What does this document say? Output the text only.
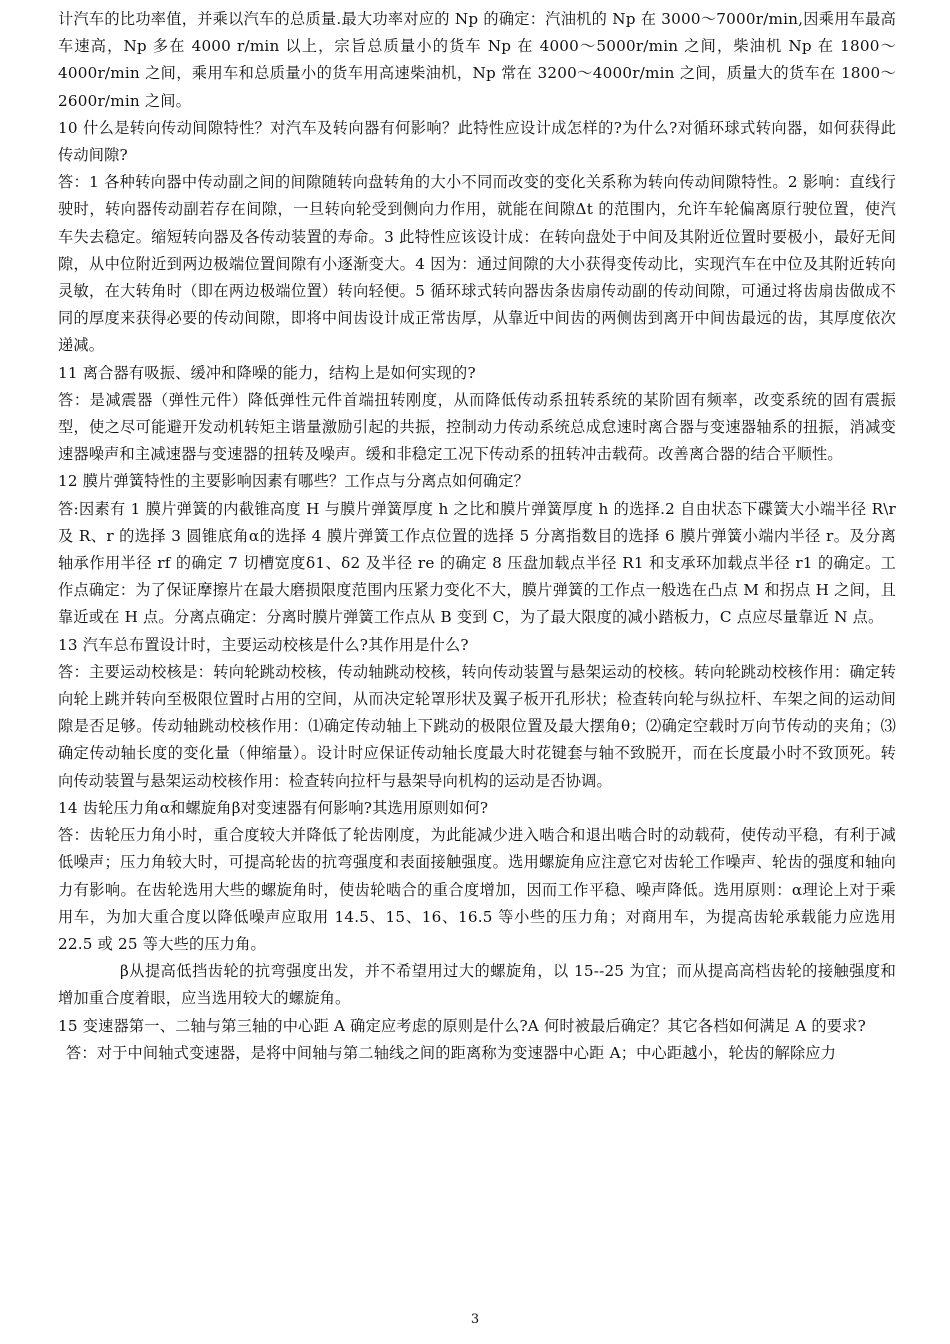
计汽车的比功率值，并乘以汽车的总质量.最大功率对应的 Np 的确定：汽油机的 Np 在 3000～7000r/min,因乘用车最高车速高，Np 多在 4000 r/min 以上，宗旨总质量小的货车 Np 在 4000～5000r/min 之间，柴油机 Np 在 1800～4000r/min 之间，乘用车和总质量小的货车用高速柴油机，Np 常在 3200～4000r/min 之间，质量大的货车在 1800～2600r/min 之间。

10 什么是转向传动间隙特性？对汽车及转向器有何影响？此特性应设计成怎样的?为什么?对循环球式转向器，如何获得此传动间隙?

答：1 各种转向器中传动副之间的间隙随转向盘转角的大小不同而改变的变化关系称为转向传动间隙特性。2 影响：直线行驶时，转向器传动副若存在间隙，一旦转向轮受到侧向力作用，就能在间隙Δt 的范围内，允许车轮偏离原行驶位置，使汽车失去稳定。缩短转向器及各传动装置的寿命。3 此特性应该设计成：在转向盘处于中间及其附近位置时要极小，最好无间隙，从中位附近到两边极端位置间隙有小逐渐变大。4 因为：通过间隙的大小获得变传动比，实现汽车在中位及其附近转向灵敏，在大转角时（即在两边极端位置）转向轻便。5 循环球式转向器齿条齿扇传动副的传动间隙，可通过将齿扇齿做成不同的厚度来获得必要的传动间隙，即将中间齿设计成正常齿厚，从靠近中间齿的两侧齿到离开中间齿最远的齿，其厚度依次递减。

11 离合器有吸振、缓冲和降噪的能力，结构上是如何实现的?

答：是减震器（弹性元件）降低弹性元件首端扭转刚度，从而降低传动系扭转系统的某阶固有频率，改变系统的固有震振型，使之尽可能避开发动机转矩主谐量激励引起的共振，控制动力传动系统总成怠速时离合器与变速器轴系的扭振，消减变速器噪声和主减速器与变速器的扭转及噪声。缓和非稳定工况下传动系的扭转冲击载荷。改善离合器的结合平顺性。

12 膜片弹簧特性的主要影响因素有哪些？工作点与分离点如何确定？

答:因素有 1 膜片弹簧的内截锥高度 H 与膜片弹簧厚度 h 之比和膜片弹簧厚度 h 的选择.2 自由状态下碟簧大小端半径 R\r 及 R、r 的选择 3 圆锥底角α的选择 4 膜片弹簧工作点位置的选择 5 分离指数目的选择 6 膜片弹簧小端内半径 r。及分离轴承作用半径 rf 的确定 7 切槽宽度δ1、δ2 及半径 re 的确定 8 压盘加载点半径 R1 和支承环加载点半径 r1 的确定。工作点确定：为了保证摩擦片在最大磨损限度范围内压紧力变化不大，膜片弹簧的工作点一般选在凸点 M 和拐点 H 之间，且靠近或在 H 点。分离点确定：分离时膜片弹簧工作点从 B 变到 C，为了最大限度的减小踏板力，C 点应尽量靠近 N 点。

13 汽车总布置设计时，主要运动校核是什么?其作用是什么?

答：主要运动校核是：转向轮跳动校核，传动轴跳动校核，转向传动装置与悬架运动的校核。转向轮跳动校核作用：确定转向轮上跳并转向至极限位置时占用的空间，从而决定轮罩形状及翼子板开孔形状；检查转向轮与纵拉杆、车架之间的运动间隙是否足够。传动轴跳动校核作用：⑴确定传动轴上下跳动的极限位置及最大摆角θ；⑵确定空载时万向节传动的夹角；⑶确定传动轴长度的变化量（伸缩量）。设计时应保证传动轴长度最大时花键套与轴不致脱开，而在长度最小时不致顶死。转向传动装置与悬架运动校核作用：检查转向拉杆与悬架导向机构的运动是否协调。

14 齿轮压力角α和螺旋角β对变速器有何影响?其选用原则如何?

答：齿轮压力角小时，重合度较大并降低了轮齿刚度，为此能减少进入啮合和退出啮合时的动载荷，使传动平稳，有利于减低噪声；压力角较大时，可提高轮齿的抗弯强度和表面接触强度。选用螺旋角应注意它对齿轮工作噪声、轮齿的强度和轴向力有影响。在齿轮选用大些的螺旋角时，使齿轮啮合的重合度增加，因而工作平稳、噪声降低。选用原则：α理论上对于乘用车，为加大重合度以降低噪声应取用 14.5、15、16、16.5 等小些的压力角；对商用车，为提高齿轮承载能力应选用 22.5 或 25 等大些的压力角。

β从提高低挡齿轮的抗弯强度出发，并不希望用过大的螺旋角，以 15--25 为宜；而从提高高档齿轮的接触强度和增加重合度着眼，应当选用较大的螺旋角。

15 变速器第一、二轴与第三轴的中心距 A 确定应考虑的原则是什么?A 何时被最后确定？其它各档如何满足 A 的要求?

答：对于中间轴式变速器，是将中间轴与第二轴线之间的距离称为变速器中心距 A；中心距越小，轮齿的解除应力

3
